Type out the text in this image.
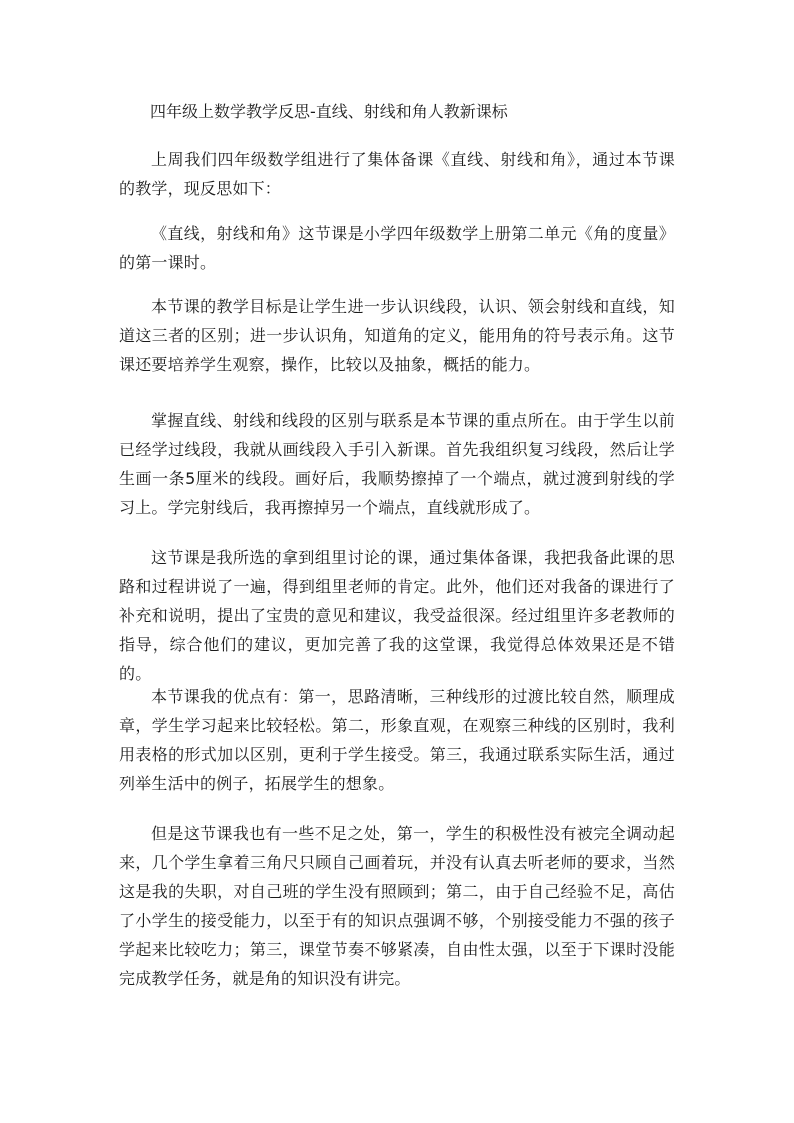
四年级上数学教学反思-直线、射线和角人教新课标

上周我们四年级数学组进行了集体备课《直线、射线和角》，通过本节课的教学，现反思如下：

《直线，射线和角》这节课是小学四年级数学上册第二单元《角的度量》的第一课时。

本节课的教学目标是让学生进一步认识线段，认识、领会射线和直线，知道这三者的区别；进一步认识角，知道角的定义，能用角的符号表示角。这节课还要培养学生观察，操作，比较以及抽象，概括的能力。

掌握直线、射线和线段的区别与联系是本节课的重点所在。由于学生以前已经学过线段，我就从画线段入手引入新课。首先我组织复习线段，然后让学生画一条5厘米的线段。画好后，我顺势擦掉了一个端点，就过渡到射线的学习上。学完射线后，我再擦掉另一个端点，直线就形成了。

这节课是我所选的拿到组里讨论的课，通过集体备课，我把我备此课的思路和过程讲说了一遍，得到组里老师的肯定。此外，他们还对我备的课进行了补充和说明，提出了宝贵的意见和建议，我受益很深。经过组里许多老教师的指导，综合他们的建议，更加完善了我的这堂课，我觉得总体效果还是不错的。

本节课我的优点有：第一，思路清晰，三种线形的过渡比较自然，顺理成章，学生学习起来比较轻松。第二，形象直观，在观察三种线的区别时，我利用表格的形式加以区别，更利于学生接受。第三，我通过联系实际生活，通过列举生活中的例子，拓展学生的想象。

但是这节课我也有一些不足之处，第一，学生的积极性没有被完全调动起来，几个学生拿着三角尺只顾自己画着玩，并没有认真去听老师的要求，当然这是我的失职，对自己班的学生没有照顾到；第二，由于自己经验不足，高估了小学生的接受能力，以至于有的知识点强调不够，个别接受能力不强的孩子学起来比较吃力；第三，课堂节奏不够紧凑，自由性太强，以至于下课时没能完成教学任务，就是角的知识没有讲完。
